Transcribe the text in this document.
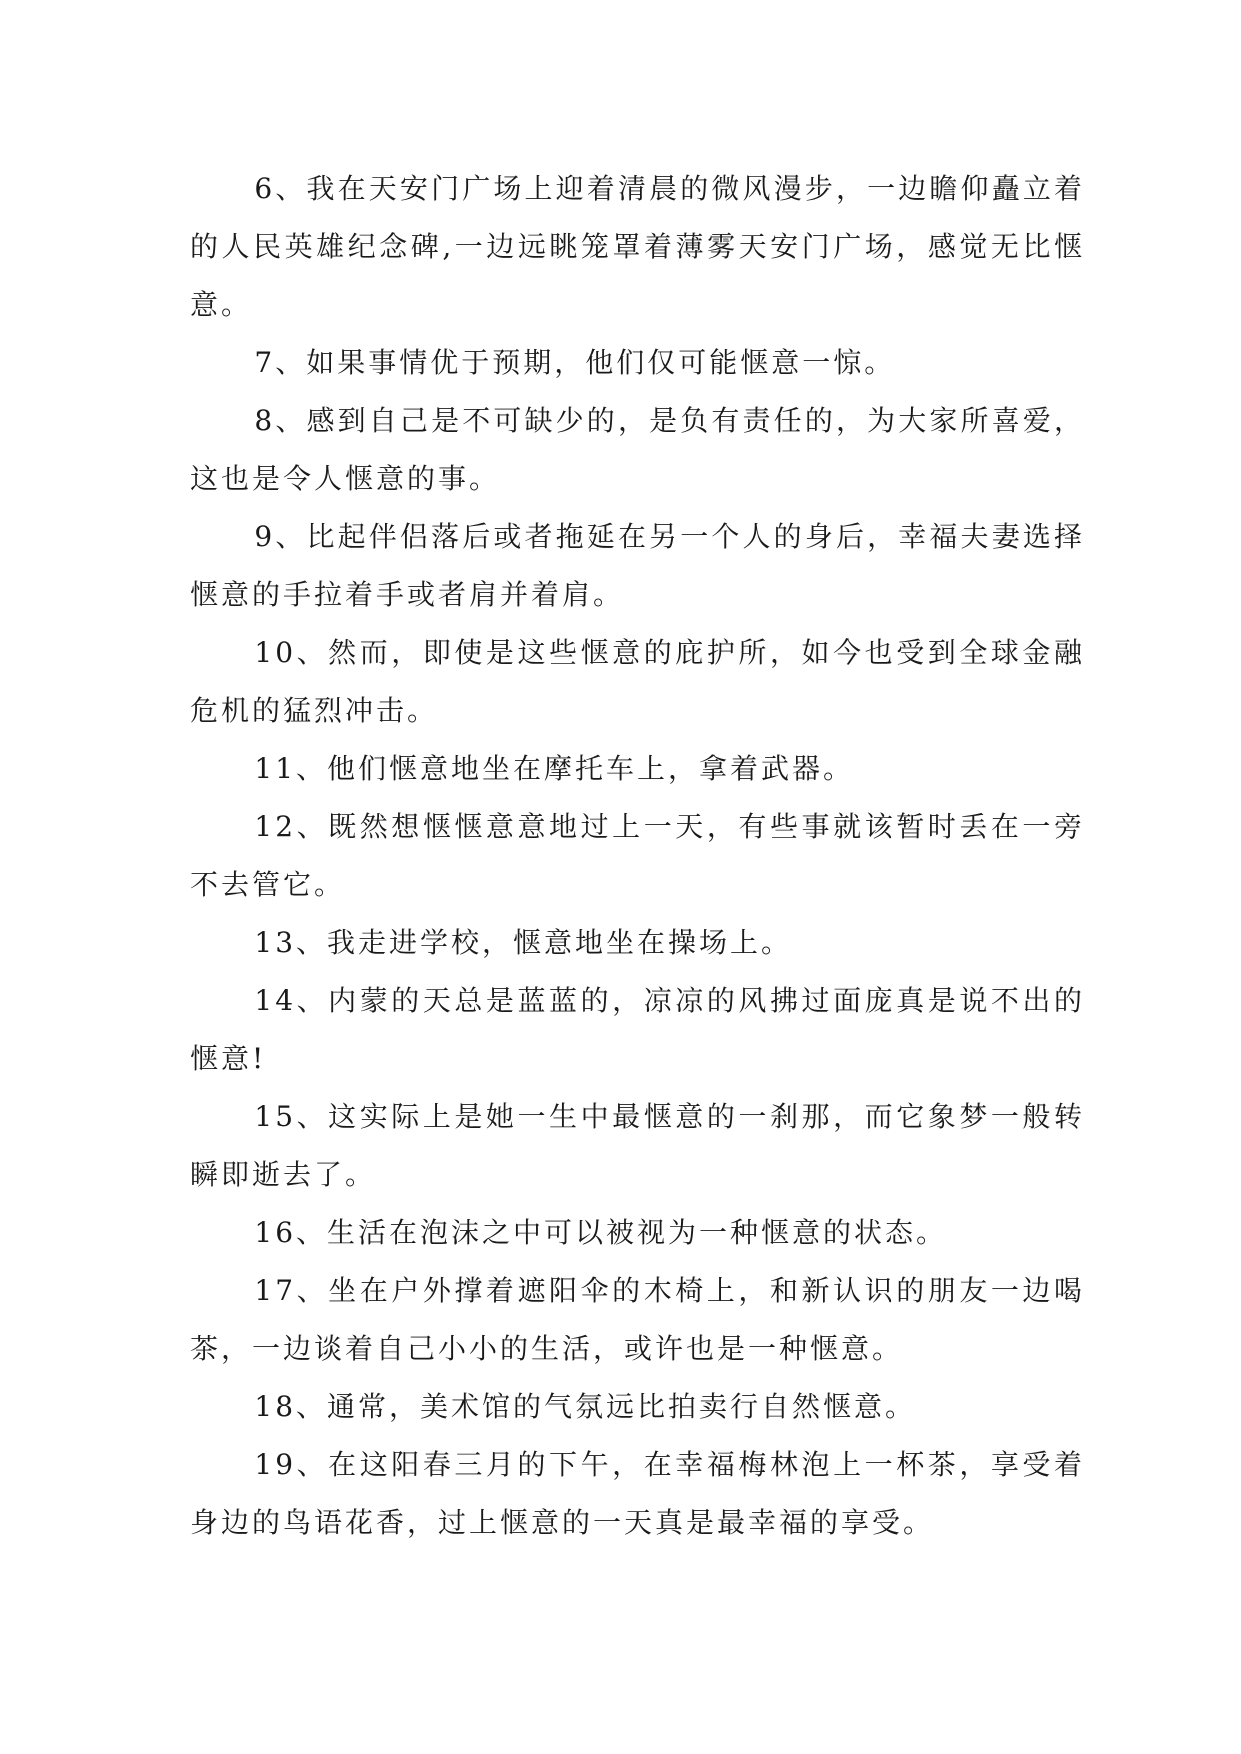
6、我在天安门广场上迎着清晨的微风漫步，一边瞻仰矗立着的人民英雄纪念碑,一边远眺笼罩着薄雾天安门广场，感觉无比惬意。

7、如果事情优于预期，他们仅可能惬意一惊。

8、感到自己是不可缺少的，是负有责任的，为大家所喜爱，这也是令人惬意的事。

9、比起伴侣落后或者拖延在另一个人的身后，幸福夫妻选择惬意的手拉着手或者肩并着肩。

10、然而，即使是这些惬意的庇护所，如今也受到全球金融危机的猛烈冲击。

11、他们惬意地坐在摩托车上，拿着武器。

12、既然想惬惬意意地过上一天，有些事就该暂时丢在一旁不去管它。

13、我走进学校，惬意地坐在操场上。

14、内蒙的天总是蓝蓝的，凉凉的风拂过面庞真是说不出的惬意!

15、这实际上是她一生中最惬意的一刹那，而它象梦一般转瞬即逝去了。

16、生活在泡沫之中可以被视为一种惬意的状态。

17、坐在户外撑着遮阳伞的木椅上，和新认识的朋友一边喝茶，一边谈着自己小小的生活，或许也是一种惬意。

18、通常，美术馆的气氛远比拍卖行自然惬意。

19、在这阳春三月的下午，在幸福梅林泡上一杯茶，享受着身边的鸟语花香，过上惬意的一天真是最幸福的享受。
